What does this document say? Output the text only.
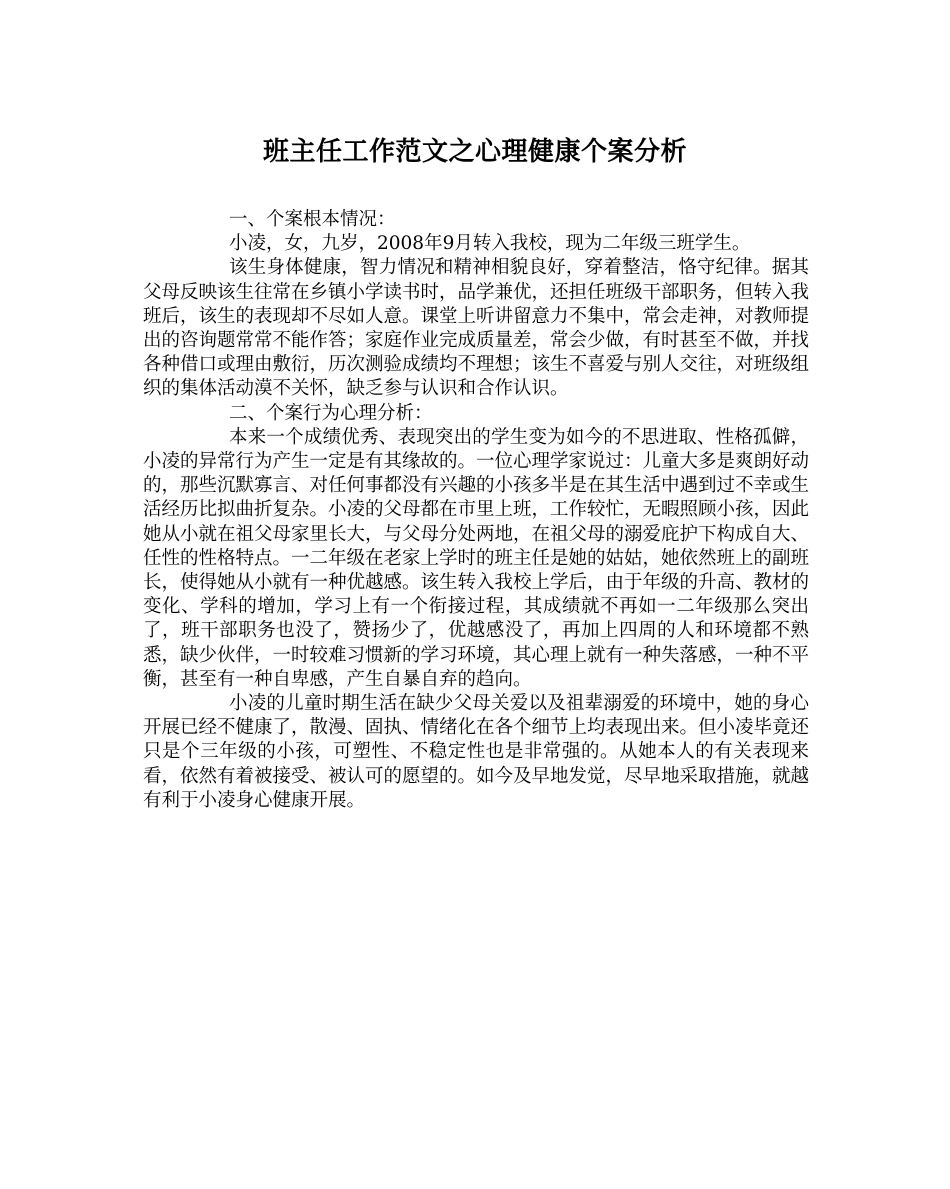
班主任工作范文之心理健康个案分析

一、个案根本情况：

小凌，女，九岁，2008年9月转入我校，现为二年级三班学生。

该生身体健康，智力情况和精神相貌良好，穿着整洁，恪守纪律。据其父母反映该生往常在乡镇小学读书时，品学兼优，还担任班级干部职务，但转入我班后，该生的表现却不尽如人意。课堂上听讲留意力不集中，常会走神，对教师提出的咨询题常常不能作答；家庭作业完成质量差，常会少做，有时甚至不做，并找各种借口或理由敷衍，历次测验成绩均不理想；该生不喜爱与别人交往，对班级组织的集体活动漠不关怀，缺乏参与认识和合作认识。

二、个案行为心理分析：

本来一个成绩优秀、表现突出的学生变为如今的不思进取、性格孤僻，小凌的异常行为产生一定是有其缘故的。一位心理学家说过：儿童大多是爽朗好动的，那些沉默寡言、对任何事都没有兴趣的小孩多半是在其生活中遇到过不幸或生活经历比拟曲折复杂。小凌的父母都在市里上班，工作较忙，无暇照顾小孩，因此她从小就在祖父母家里长大，与父母分处两地，在祖父母的溺爱庇护下构成自大、任性的性格特点。一二年级在老家上学时的班主任是她的姑姑，她依然班上的副班长，使得她从小就有一种优越感。该生转入我校上学后，由于年级的升高、教材的变化、学科的增加，学习上有一个衔接过程，其成绩就不再如一二年级那么突出了，班干部职务也没了，赞扬少了，优越感没了，再加上四周的人和环境都不熟悉，缺少伙伴，一时较难习惯新的学习环境，其心理上就有一种失落感，一种不平衡，甚至有一种自卑感，产生自暴自弃的趋向。

小凌的儿童时期生活在缺少父母关爱以及祖辈溺爱的环境中，她的身心开展已经不健康了，散漫、固执、情绪化在各个细节上均表现出来。但小凌毕竟还只是个三年级的小孩，可塑性、不稳定性也是非常强的。从她本人的有关表现来看，依然有着被接受、被认可的愿望的。如今及早地发觉，尽早地采取措施，就越有利于小凌身心健康开展。
